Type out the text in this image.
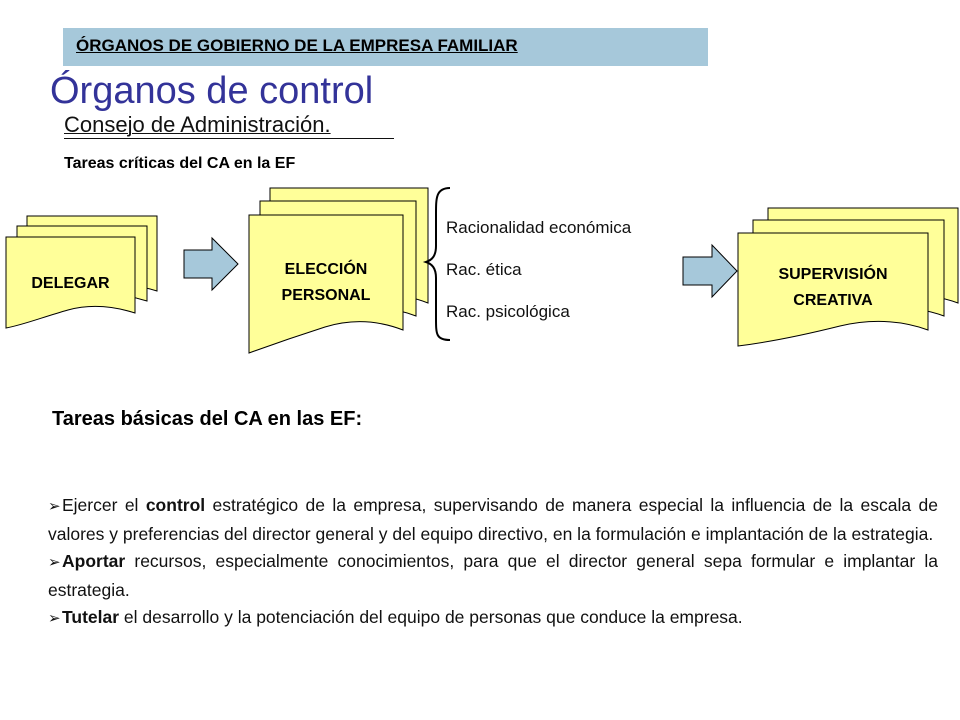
ÓRGANOS DE GOBIERNO DE LA EMPRESA FAMILIAR
Órganos de control
Consejo de Administración.
Tareas críticas del CA en la EF
DELEGAR
ELECCIÓN
PERSONAL
SUPERVISIÓN
CREATIVA
Racionalidad económica
Rac. ética
Rac. psicológica
Tareas básicas del CA en las EF:

➢Ejercer el control estratégico de la empresa, supervisando de manera especial la influencia de la escala de valores y preferencias del director general y del equipo directivo, en la formulación e implantación de la estrategia.

➢Aportar recursos, especialmente conocimientos, para que el director general sepa formular e implantar la estrategia.

➢Tutelar el desarrollo y la potenciación del equipo de personas que conduce la empresa.
